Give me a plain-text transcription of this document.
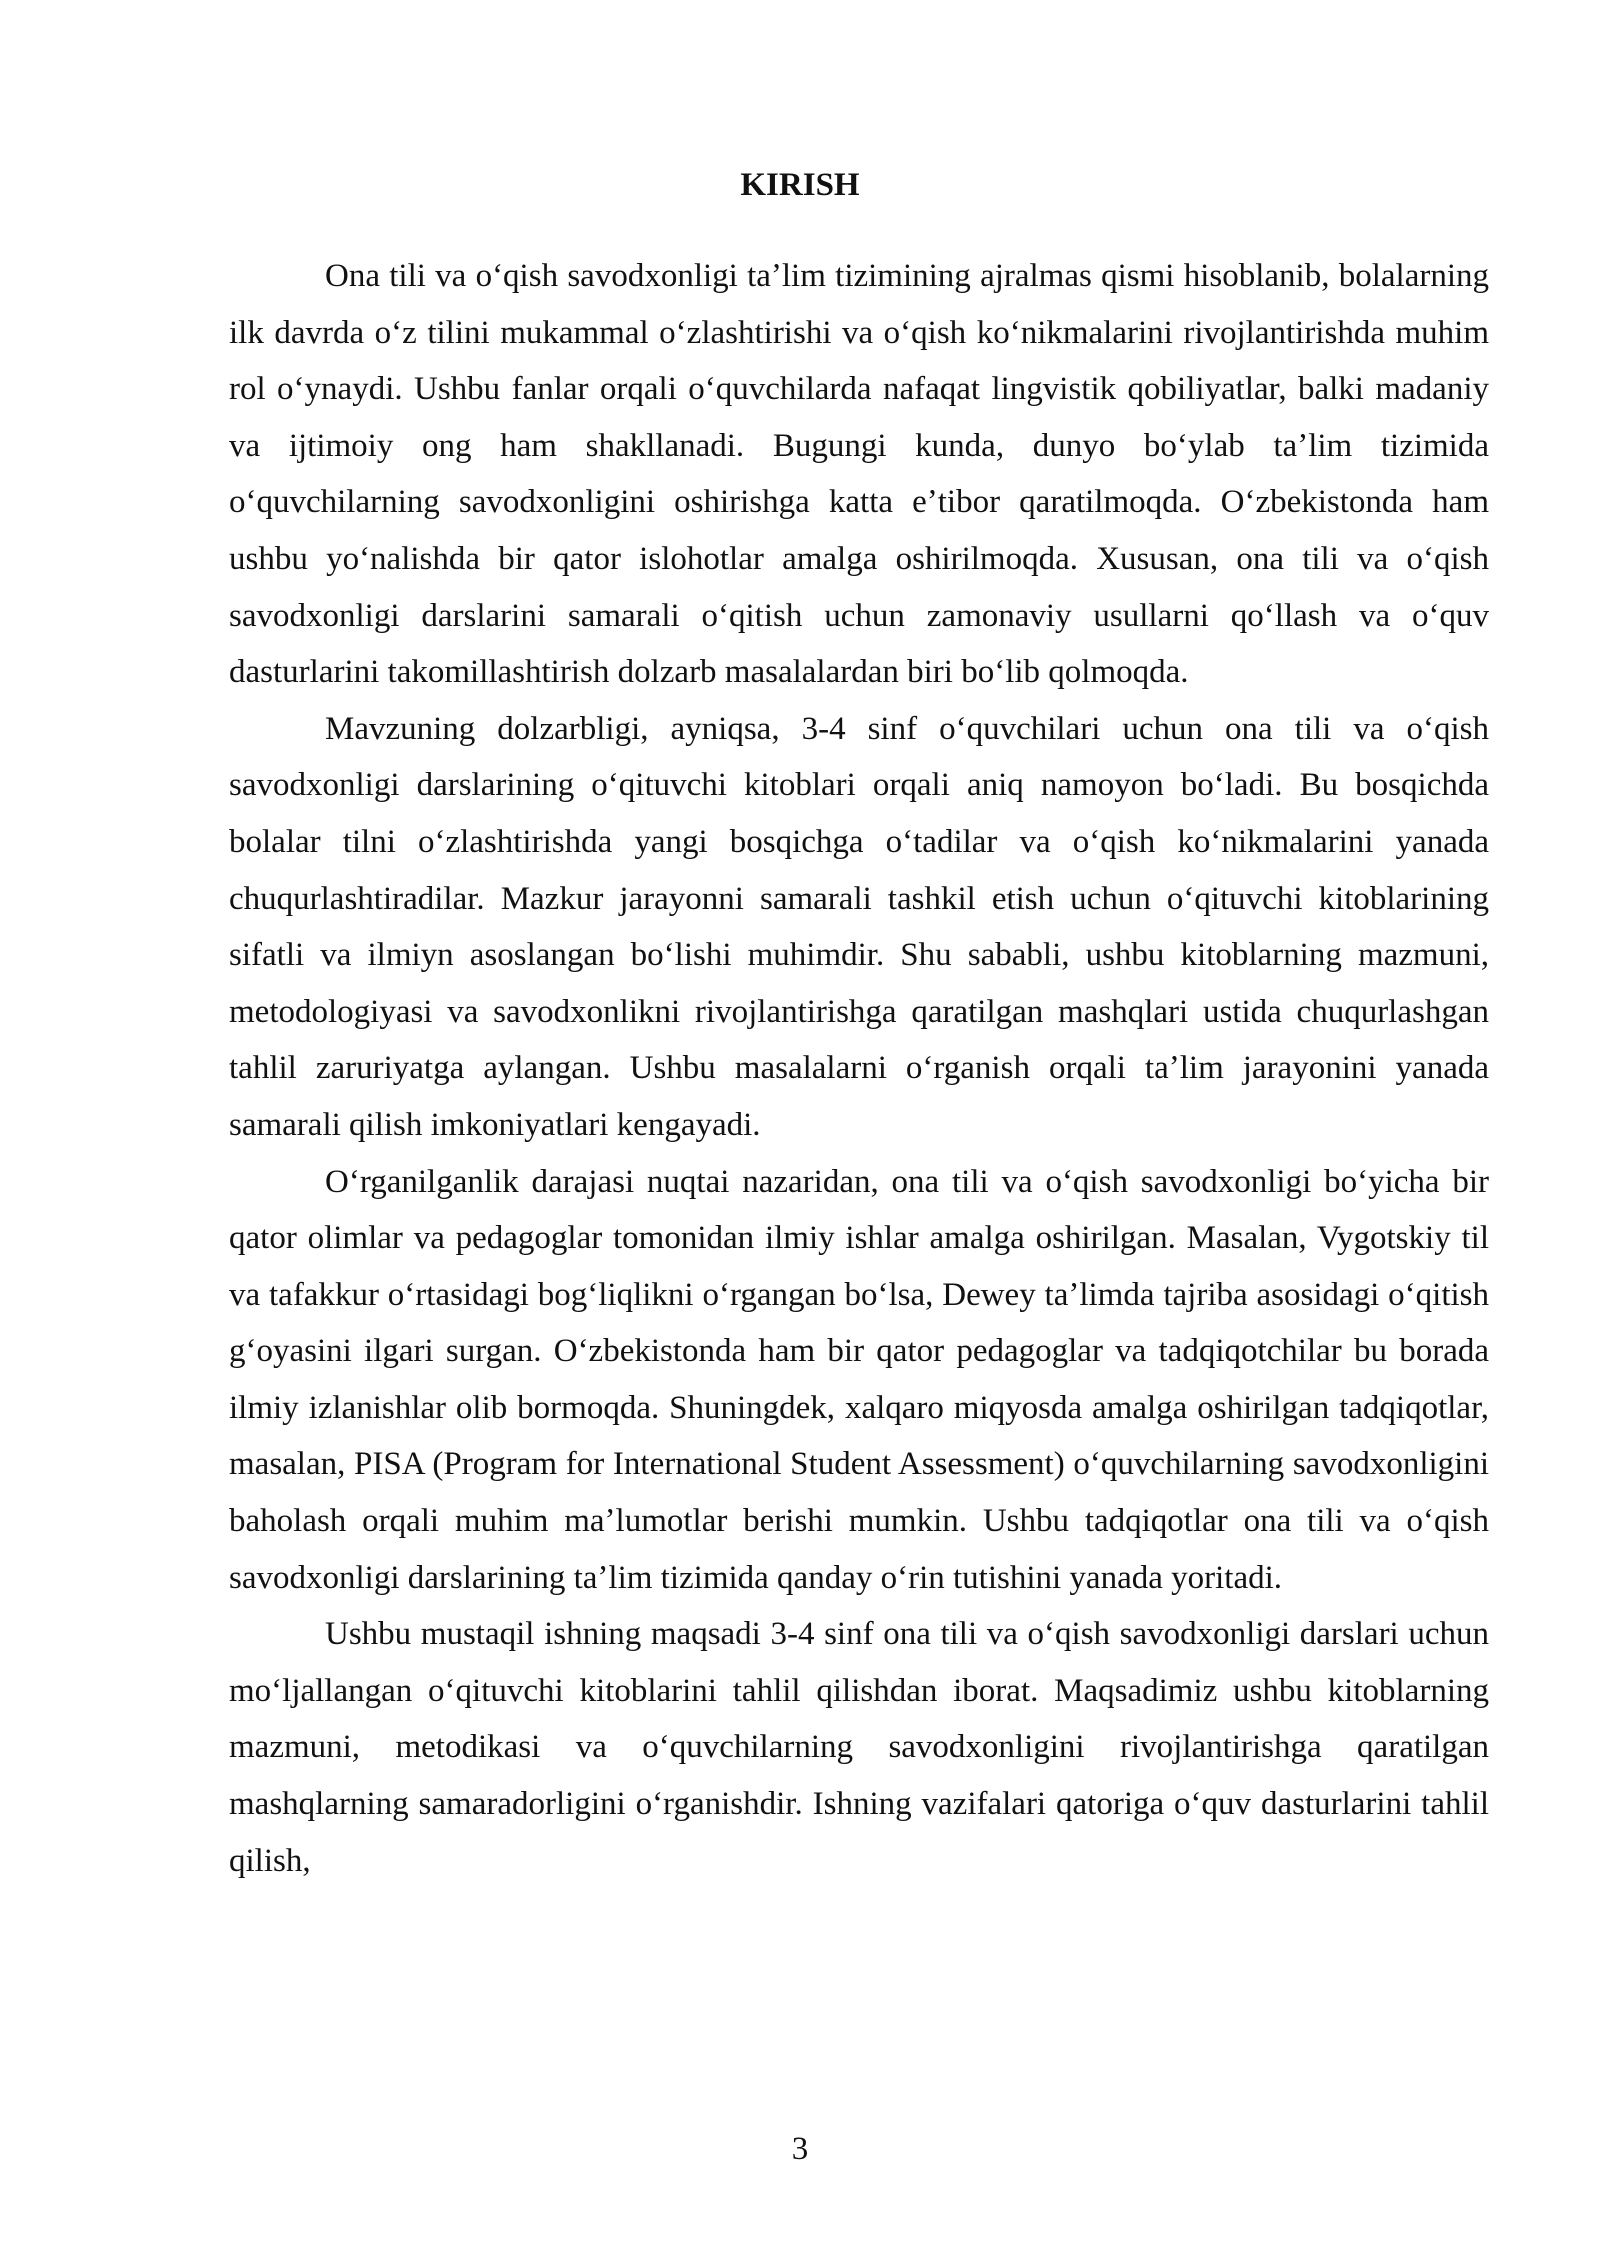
KIRISH

Ona tili va oʻqish savodxonligi taʼlim tizimining ajralmas qismi hisoblanib, bolalarning ilk davrda oʻz tilini mukammal oʻzlashtirishi va oʻqish koʻnikmalarini rivojlantirishda muhim rol oʻynaydi. Ushbu fanlar orqali oʻquvchilarda nafaqat lingvistik qobiliyatlar, balki madaniy va ijtimoiy ong ham shakllanadi. Bugungi kunda, dunyo boʻylab taʼlim tizimida oʻquvchilarning savodxonligini oshirishga katta eʼtibor qaratilmoqda. Oʻzbekistonda ham ushbu yoʻnalishda bir qator islohotlar amalga oshirilmoqda. Xususan, ona tili va oʻqish savodxonligi darslarini samarali oʻqitish uchun zamonaviy usullarni qoʻllash va oʻquv dasturlarini takomillashtirish dolzarb masalalardan biri boʻlib qolmoqda.

Mavzuning dolzarbligi, ayniqsa, 3-4 sinf oʻquvchilari uchun ona tili va oʻqish savodxonligi darslarining oʻqituvchi kitoblari orqali aniq namoyon boʻladi. Bu bosqichda bolalar tilni oʻzlashtirishda yangi bosqichga oʻtadilar va oʻqish koʻnikmalarini yanada chuqurlashtiradilar. Mazkur jarayonni samarali tashkil etish uchun oʻqituvchi kitoblarining sifatli va ilmiyn asoslangan boʻlishi muhimdir. Shu sababli, ushbu kitoblarning mazmuni, metodologiyasi va savodxonlikni rivojlantirishga qaratilgan mashqlari ustida chuqurlashgan tahlil zaruriyatga aylangan. Ushbu masalalarni oʻrganish orqali taʼlim jarayonini yanada samarali qilish imkoniyatlari kengayadi.

Oʻrganilganlik darajasi nuqtai nazaridan, ona tili va oʻqish savodxonligi boʻyicha bir qator olimlar va pedagoglar tomonidan ilmiy ishlar amalga oshirilgan. Masalan, Vygotskiy til va tafakkur oʻrtasidagi bogʻliqlikni oʻrgangan boʻlsa, Dewey taʼlimda tajriba asosidagi oʻqitish gʻoyasini ilgari surgan. Oʻzbekistonda ham bir qator pedagoglar va tadqiqotchilar bu borada ilmiy izlanishlar olib bormoqda. Shuningdek, xalqaro miqyosda amalga oshirilgan tadqiqotlar, masalan, PISA (Program for International Student Assessment) oʻquvchilarning savodxonligini baholash orqali muhim maʼlumotlar berishi mumkin. Ushbu tadqiqotlar ona tili va oʻqish savodxonligi darslarining taʼlim tizimida qanday oʻrin tutishini yanada yoritadi.

Ushbu mustaqil ishning maqsadi 3-4 sinf ona tili va oʻqish savodxonligi darslari uchun moʻljallangan oʻqituvchi kitoblarini tahlil qilishdan iborat. Maqsadimiz ushbu kitoblarning mazmuni, metodikasi va oʻquvchilarning savodxonligini rivojlantirishga qaratilgan mashqlarning samaradorligini oʻrganishdir. Ishning vazifalari qatoriga oʻquv dasturlarini tahlil qilish,

3
